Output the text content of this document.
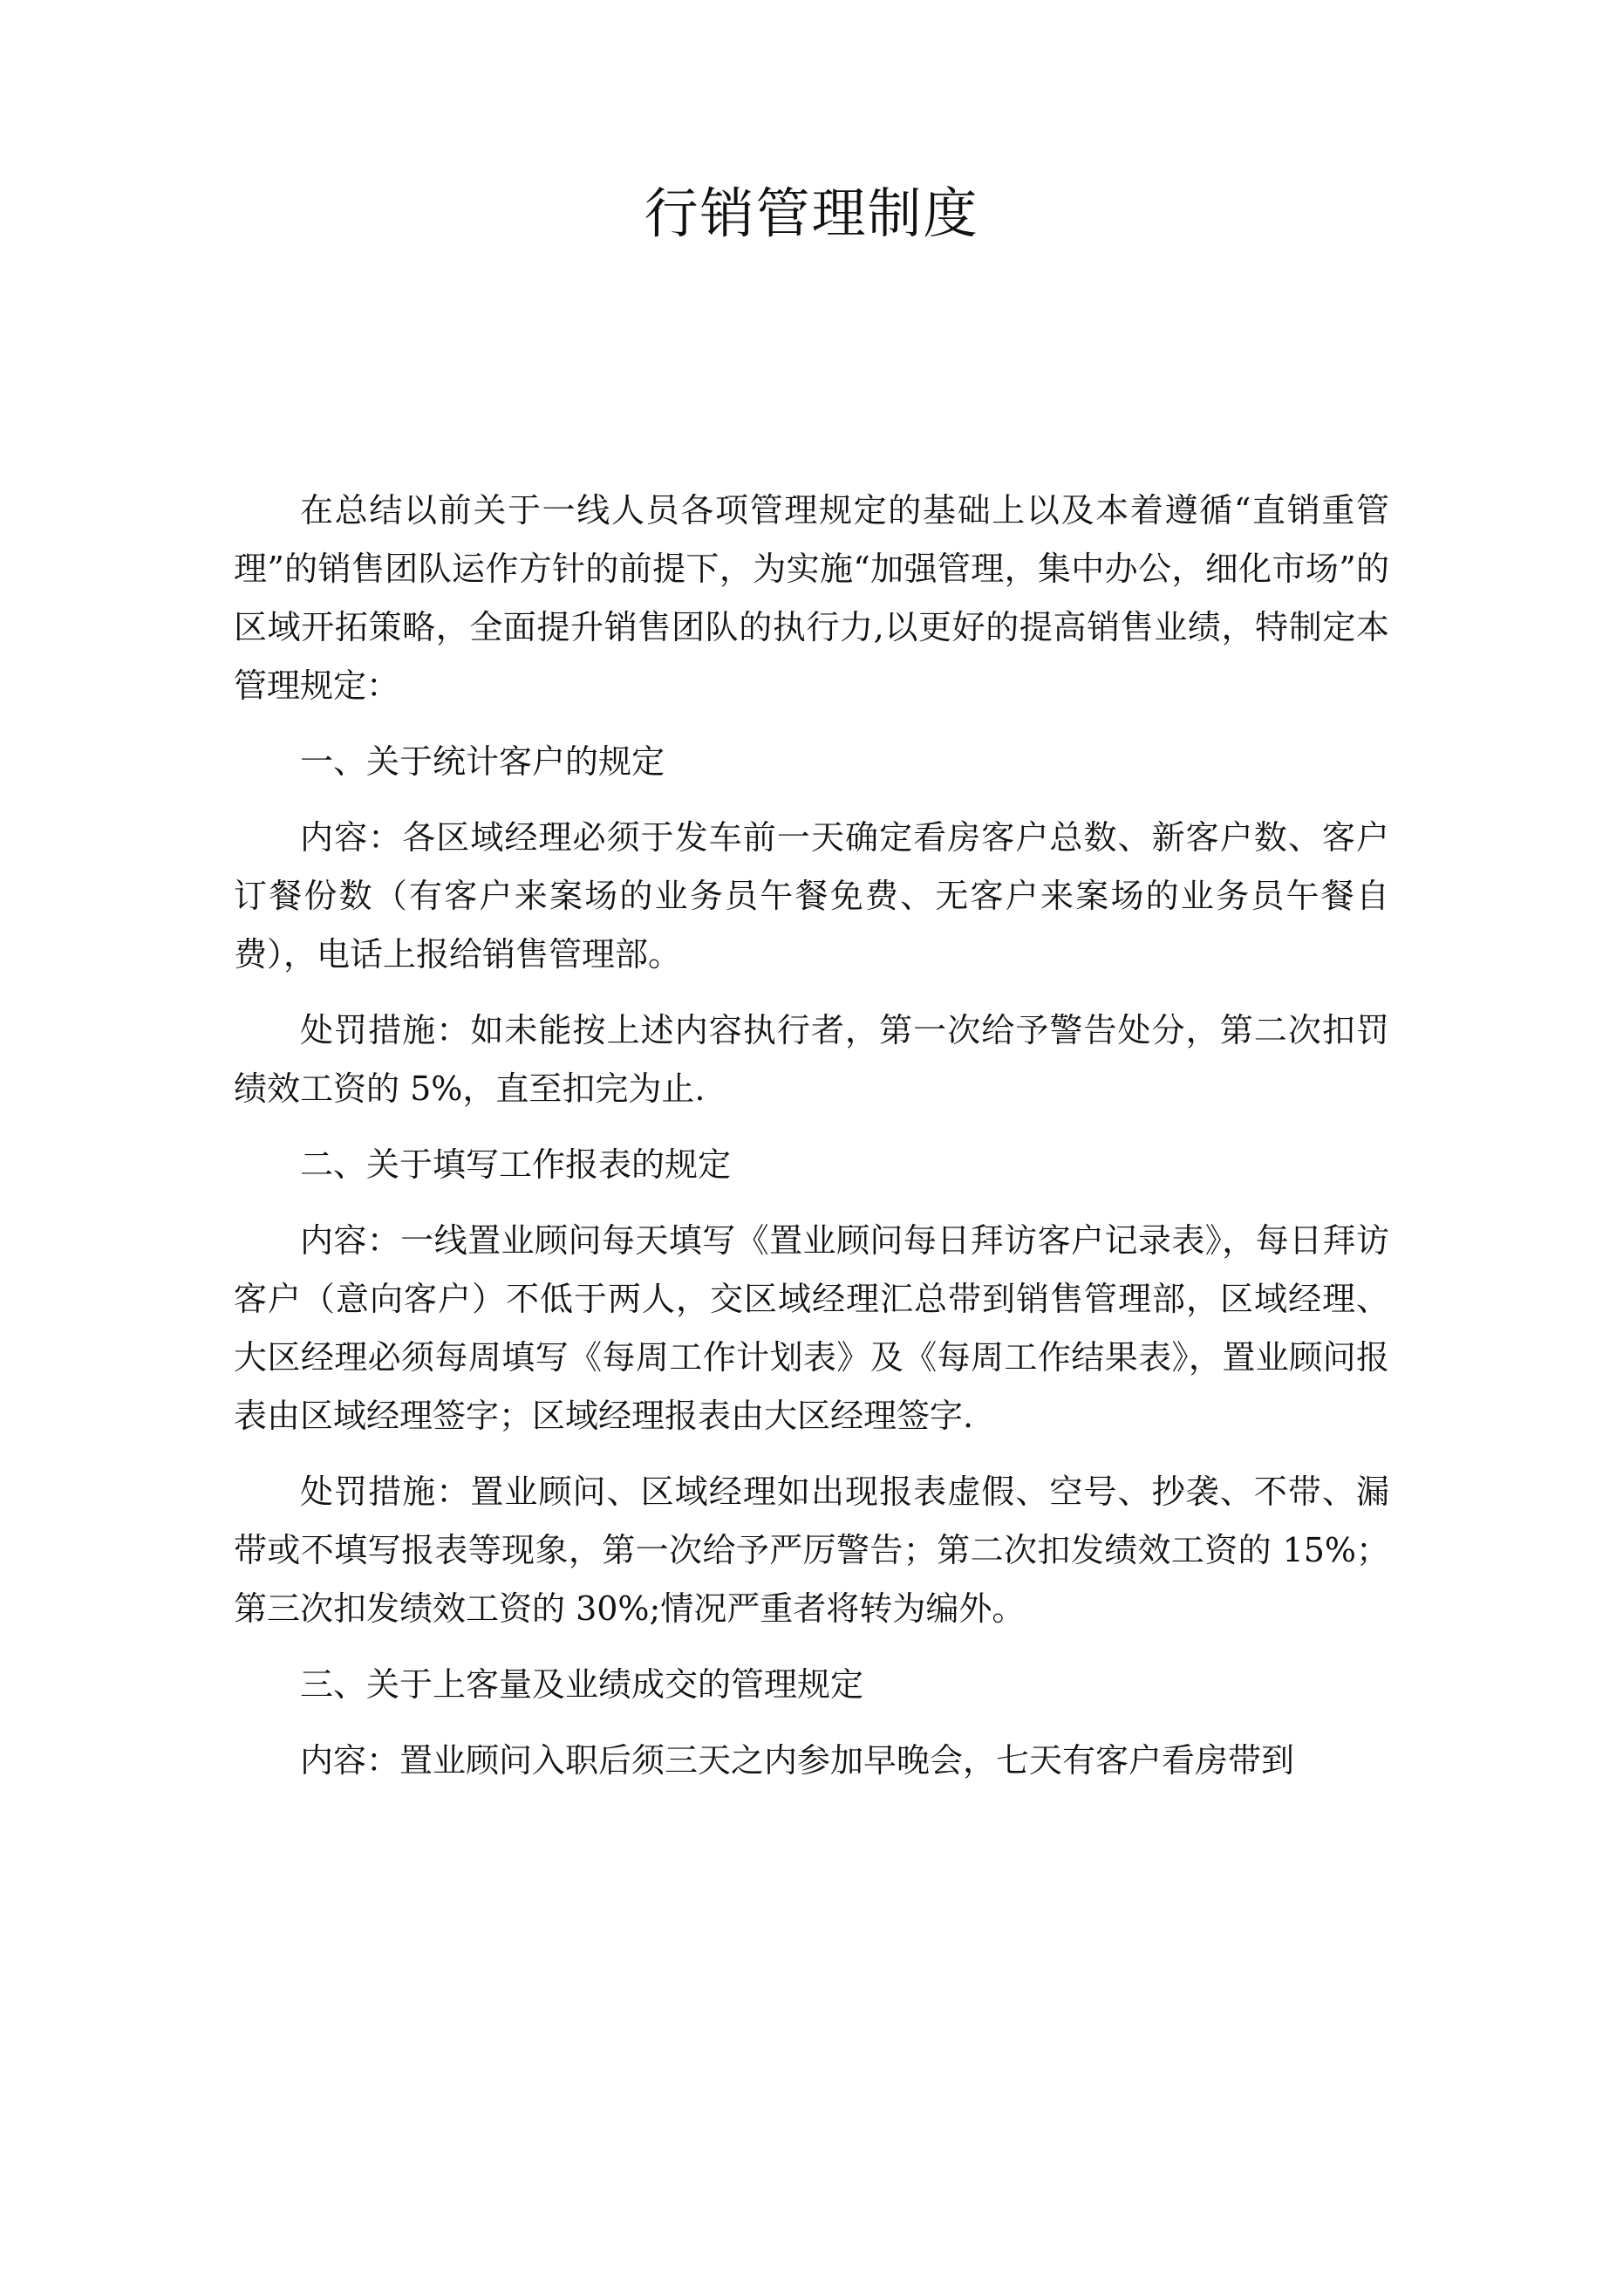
行销管理制度

在总结以前关于一线人员各项管理规定的基础上以及本着遵循“直销重管理”的销售团队运作方针的前提下，为实施“加强管理，集中办公，细化市场”的区域开拓策略，全面提升销售团队的执行力,以更好的提高销售业绩，特制定本管理规定：

一、关于统计客户的规定

内容：各区域经理必须于发车前一天确定看房客户总数、新客户数、客户订餐份数（有客户来案场的业务员午餐免费、无客户来案场的业务员午餐自费），电话上报给销售管理部。

处罚措施：如未能按上述内容执行者，第一次给予警告处分，第二次扣罚绩效工资的 5%，直至扣完为止.

二、关于填写工作报表的规定

内容：一线置业顾问每天填写《置业顾问每日拜访客户记录表》，每日拜访客户（意向客户）不低于两人，交区域经理汇总带到销售管理部，区域经理、大区经理必须每周填写《每周工作计划表》及《每周工作结果表》，置业顾问报表由区域经理签字；区域经理报表由大区经理签字.

处罚措施：置业顾问、区域经理如出现报表虚假、空号、抄袭、不带、漏带或不填写报表等现象，第一次给予严厉警告；第二次扣发绩效工资的 15%；第三次扣发绩效工资的 30%;情况严重者将转为编外。

三、关于上客量及业绩成交的管理规定

内容：置业顾问入职后须三天之内参加早晚会，七天有客户看房带到
